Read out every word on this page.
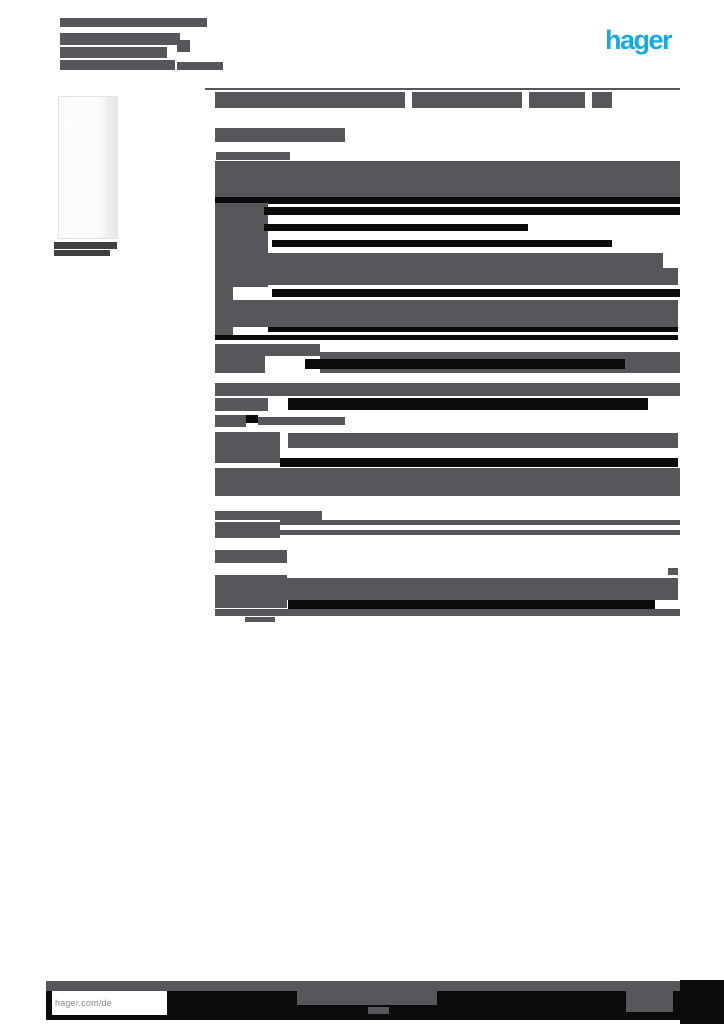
hager
hager.com/de
